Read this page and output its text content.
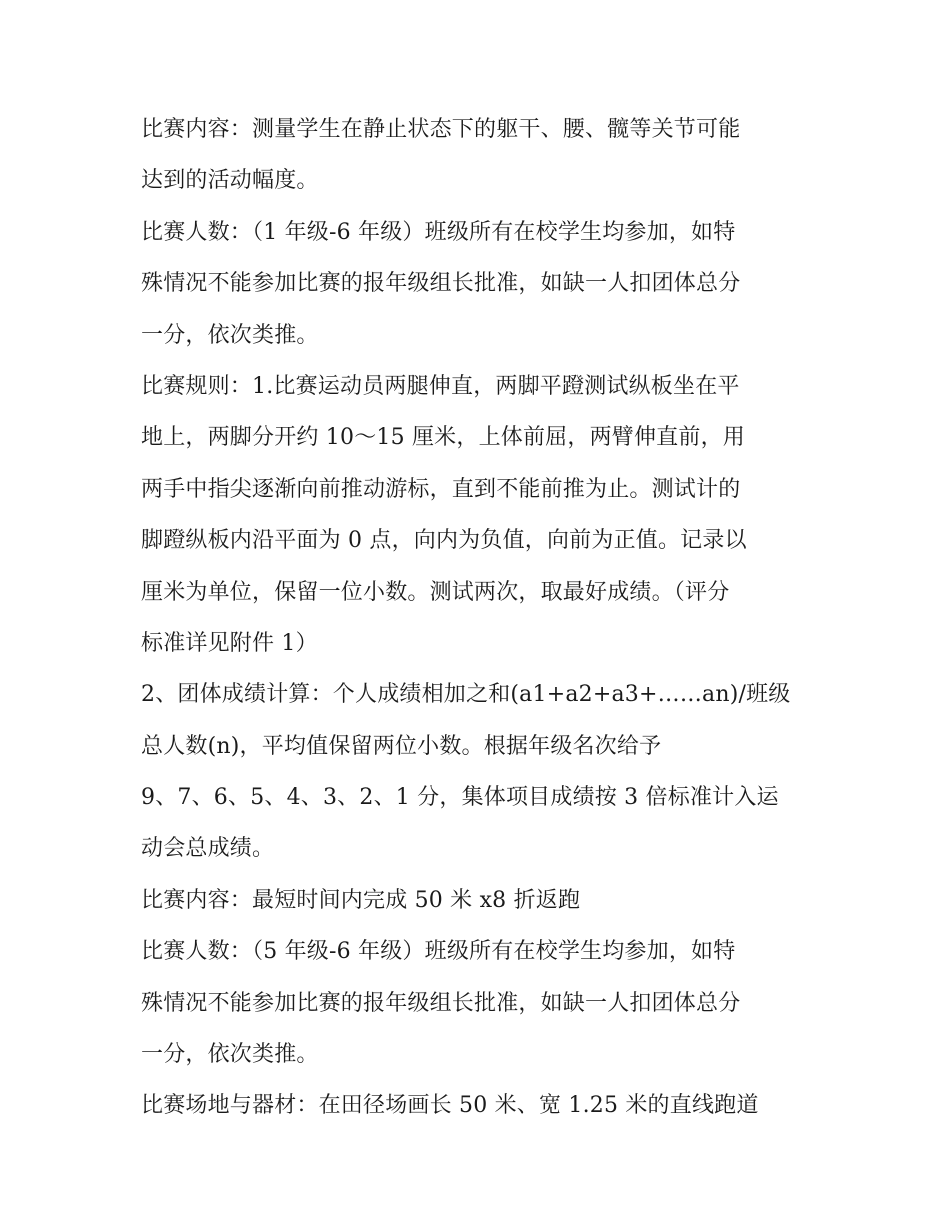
比赛内容：测量学生在静止状态下的躯干、腰、髋等关节可能
达到的活动幅度。
比赛人数：（1 年级-6 年级）班级所有在校学生均参加，如特
殊情况不能参加比赛的报年级组长批准，如缺一人扣团体总分
一分，依次类推。
比赛规则：1.比赛运动员两腿伸直，两脚平蹬测试纵板坐在平
地上，两脚分开约 10～15 厘米，上体前屈，两臂伸直前，用
两手中指尖逐渐向前推动游标，直到不能前推为止。测试计的
脚蹬纵板内沿平面为 0 点，向内为负值，向前为正值。记录以
厘米为单位，保留一位小数。测试两次，取最好成绩。（评分
标准详见附件 1）
2、团体成绩计算：个人成绩相加之和(a1+a2+a3+……an)/班级
总人数(n)，平均值保留两位小数。根据年级名次给予
9、7、6、5、4、3、2、1 分，集体项目成绩按 3 倍标准计入运
动会总成绩。
比赛内容：最短时间内完成 50 米 x8 折返跑
比赛人数：（5 年级-6 年级）班级所有在校学生均参加，如特
殊情况不能参加比赛的报年级组长批准，如缺一人扣团体总分
一分，依次类推。
比赛场地与器材：在田径场画长 50 米、宽 1.25 米的直线跑道
